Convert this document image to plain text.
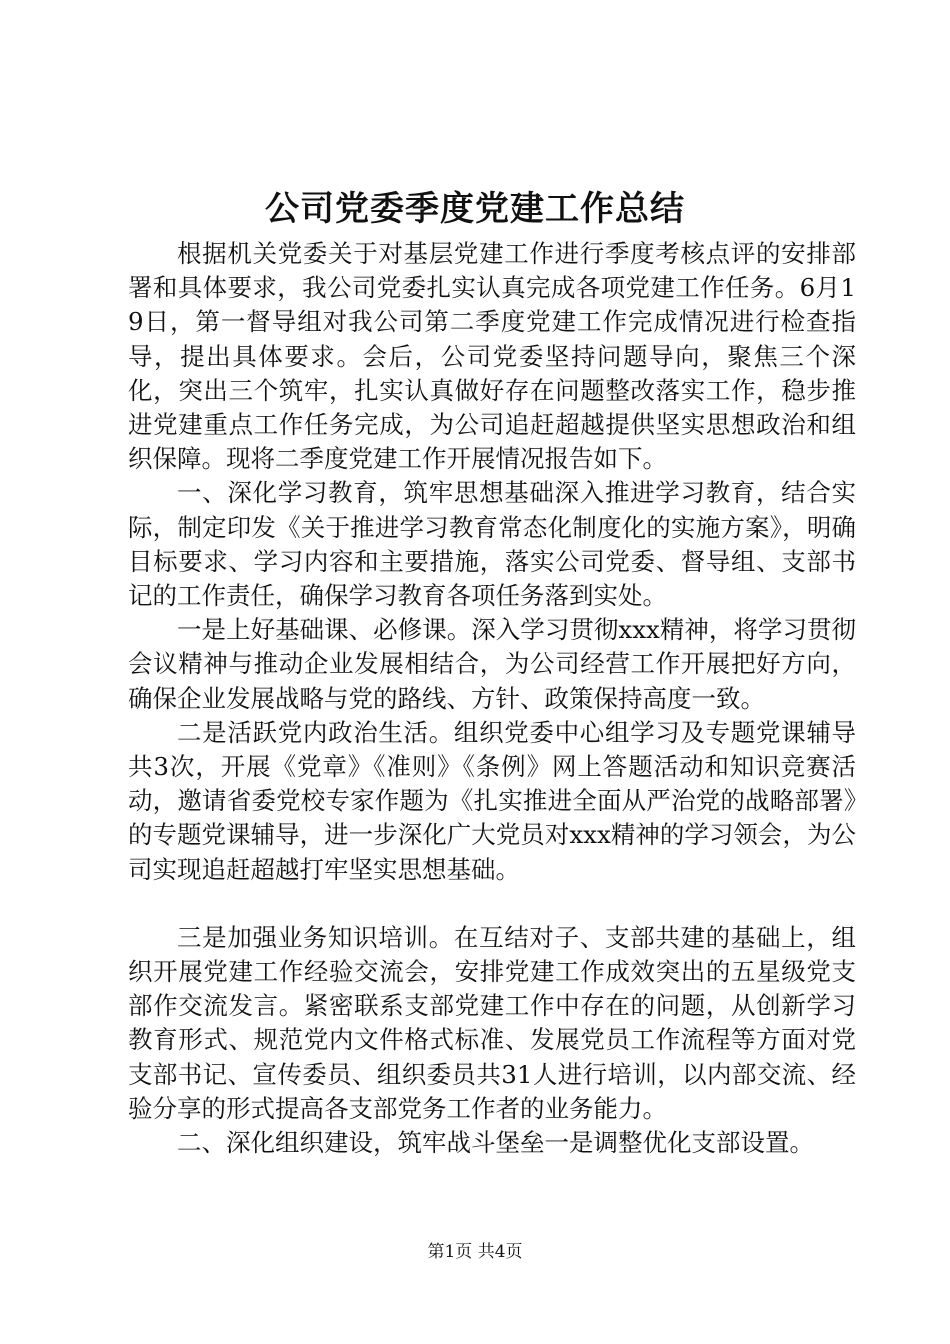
公司党委季度党建工作总结

根据机关党委关于对基层党建工作进行季度考核点评的安排部署和具体要求，我公司党委扎实认真完成各项党建工作任务。6月19日，第一督导组对我公司第二季度党建工作完成情况进行检查指导，提出具体要求。会后，公司党委坚持问题导向，聚焦三个深化，突出三个筑牢，扎实认真做好存在问题整改落实工作，稳步推进党建重点工作任务完成，为公司追赶超越提供坚实思想政治和组织保障。现将二季度党建工作开展情况报告如下。

一、深化学习教育，筑牢思想基础深入推进学习教育，结合实际，制定印发《关于推进学习教育常态化制度化的实施方案》，明确目标要求、学习内容和主要措施，落实公司党委、督导组、支部书记的工作责任，确保学习教育各项任务落到实处。

一是上好基础课、必修课。深入学习贯彻xxx精神，将学习贯彻会议精神与推动企业发展相结合，为公司经营工作开展把好方向，确保企业发展战略与党的路线、方针、政策保持高度一致。

二是活跃党内政治生活。组织党委中心组学习及专题党课辅导共3次，开展《党章》《准则》《条例》网上答题活动和知识竞赛活动，邀请省委党校专家作题为《扎实推进全面从严治党的战略部署》的专题党课辅导，进一步深化广大党员对xxx精神的学习领会，为公司实现追赶超越打牢坚实思想基础。

三是加强业务知识培训。在互结对子、支部共建的基础上，组织开展党建工作经验交流会，安排党建工作成效突出的五星级党支部作交流发言。紧密联系支部党建工作中存在的问题，从创新学习教育形式、规范党内文件格式标准、发展党员工作流程等方面对党支部书记、宣传委员、组织委员共31人进行培训，以内部交流、经验分享的形式提高各支部党务工作者的业务能力。

二、深化组织建设，筑牢战斗堡垒一是调整优化支部设置。

第1页 共4页
